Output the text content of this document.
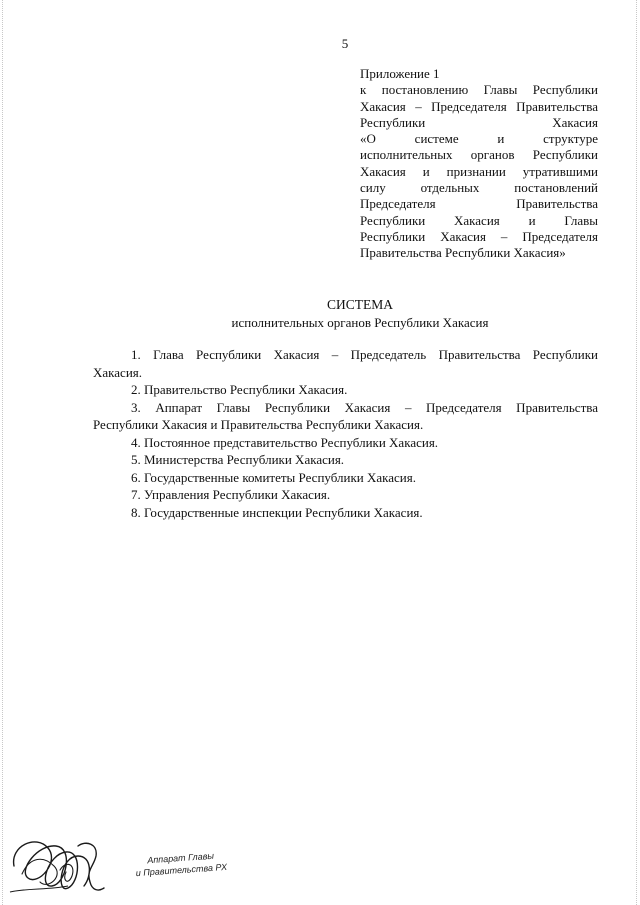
5
Приложение 1
к постановлению Главы Республики
Хакасия – Председателя Правительства
Республики Хакасия
«О системе и структуре
исполнительных органов Республики
Хакасия и признании утратившими
силу отдельных постановлений
Председателя Правительства
Республики Хакасия и Главы
Республики Хакасия – Председателя
Правительства Республики Хакасия»
СИСТЕМА
исполнительных органов Республики Хакасия
1. Глава Республики Хакасия – Председатель Правительства Республики
Хакасия.
2. Правительство Республики Хакасия.
3. Аппарат Главы Республики Хакасия – Председателя Правительства
Республики Хакасия и Правительства Республики Хакасия.
4. Постоянное представительство Республики Хакасия.
5. Министерства Республики Хакасия.
6. Государственные комитеты Республики Хакасия.
7. Управления Республики Хакасия.
8. Государственные инспекции Республики Хакасия.
Аппарат Главы
и Правительства РХ
